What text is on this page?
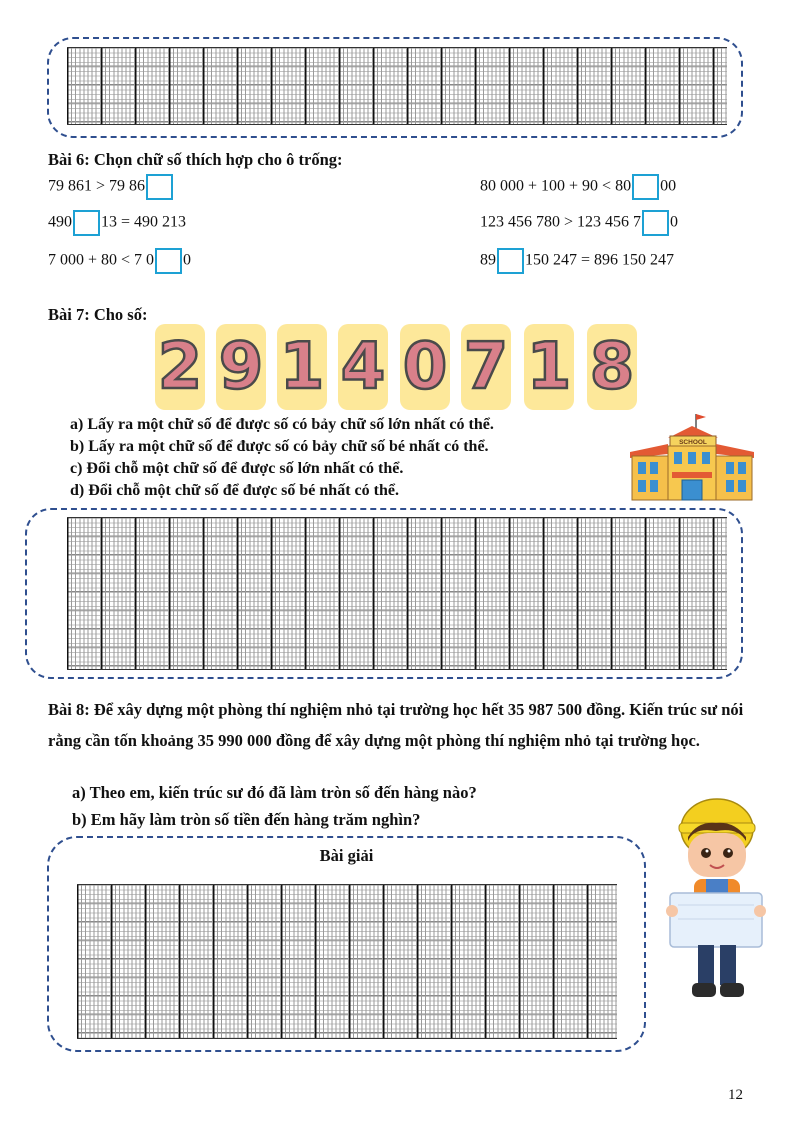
Bài 6: Chọn chữ số thích hợp cho ô trống:
79 861 > 79 86	80 000 + 100 + 90 < 80 00
490 13 = 490 213	123 456 780 > 123 456 7 0
7 000 + 80 < 7 0 0	89 150 247 = 896 150 247
Bài 7: Cho số:
2 9 1 4 0 7 1 8
a) Lấy ra một chữ số để được số có bảy chữ số lớn nhất có thể.
b) Lấy ra một chữ số để được số có bảy chữ số bé nhất có thể.
c) Đổi chỗ một chữ số để được số lớn nhất có thể.
d) Đổi chỗ một chữ số để được số bé nhất có thể.
SCHOOL
Bài 8: Để xây dựng một phòng thí nghiệm nhỏ tại trường học hết 35 987 500 đồng. Kiến trúc sư nói rằng cần tốn khoảng 35 990 000 đồng để xây dựng một phòng thí nghiệm nhỏ tại trường học.
a) Theo em, kiến trúc sư đó đã làm tròn số đến hàng nào?
b) Em hãy làm tròn số tiền đến hàng trăm nghìn?
Bài giải
12
